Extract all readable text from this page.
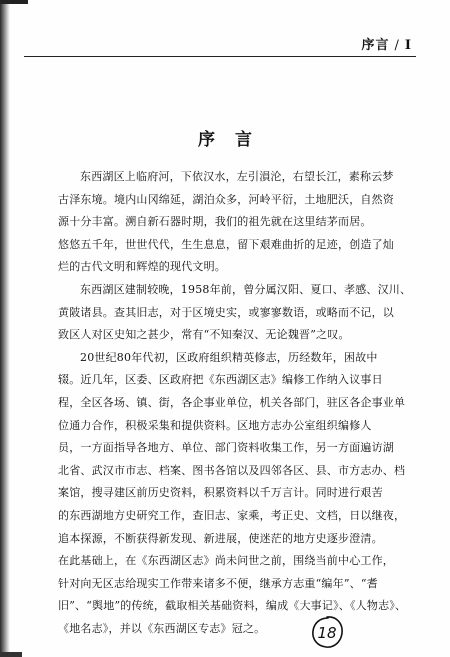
序言 / I
序言

东西湖区上临府河，下依汉水，左引溳沦，右望长江，素称云梦

古泽东境。境内山冈绵延，湖泊众多，河岭平衍，土地肥沃，自然资

源十分丰富。溯自新石器时期，我们的祖先就在这里结茅而居。

悠悠五千年，世世代代，生生息息，留下艰难曲折的足迹，创造了灿

烂的古代文明和辉煌的现代文明。

东西湖区建制较晚，1958年前，曾分属汉阳、夏口、孝感、汉川、

黄陂诸县。查其旧志，对于区境史实，或寥寥数语，或略而不记，以

致区人对区史知之甚少，常有“不知秦汉、无论魏晋”之叹。

20世纪80年代初，区政府组织精英修志，历经数年，困故中

辍。近几年，区委、区政府把《东西湖区志》编修工作纳入议事日

程，全区各场、镇、街，各企事业单位，机关各部门，驻区各企事业单

位通力合作，积极采集和提供资料。区地方志办公室组织编修人

员，一方面指导各地方、单位、部门资料收集工作，另一方面遍访湖

北省、武汉市市志、档案、图书各馆以及四邻各区、县、市方志办、档

案馆，搜寻建区前历史资料，积累资料以千万言计。同时进行艰苦

的东西湖地方史研究工作，查旧志、家乘，考正史、文档，日以继夜，

追本探源，不断获得新发现、新进展，使迷茫的地方史逐步澄清。

在此基础上，在《东西湖区志》尚未问世之前，围绕当前中心工作，

针对向无区志给现实工作带来诸多不便，继承方志重“编年”、“耆

旧”、“舆地”的传统，截取相关基础资料，编成《大事记》、《人物志》、

《地名志》，并以《东西湖区专志》冠之。	18
